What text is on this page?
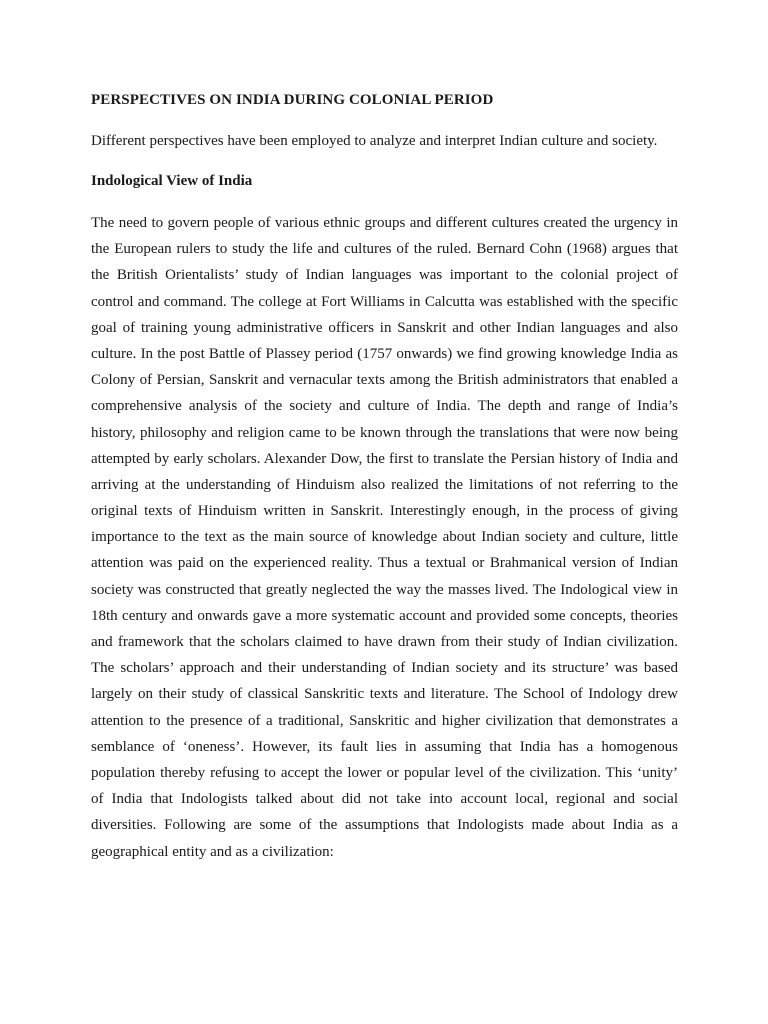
PERSPECTIVES ON INDIA DURING COLONIAL PERIOD

Different perspectives have been employed to analyze and interpret Indian culture and society.

Indological View of India
The need to govern people of various ethnic groups and different cultures created the urgency in
the European rulers to study the life and cultures of the ruled. Bernard Cohn (1968) argues that
the British Orientalists’ study of Indian languages was important to the colonial project of
control and command. The college at Fort Williams in Calcutta was established with the specific
goal of training young administrative officers in Sanskrit and other Indian languages and also
culture. In the post Battle of Plassey period (1757 onwards) we find growing knowledge India as
Colony of Persian, Sanskrit and vernacular texts among the British administrators that enabled a
comprehensive analysis of the society and culture of India. The depth and range of India’s
history, philosophy and religion came to be known through the translations that were now being
attempted by early scholars. Alexander Dow, the first to translate the Persian history of India and
arriving at the understanding of Hinduism also realized the limitations of not referring to the
original texts of Hinduism written in Sanskrit. Interestingly enough, in the process of giving
importance to the text as the main source of knowledge about Indian society and culture, little
attention was paid on the experienced reality. Thus a textual or Brahmanical version of Indian
society was constructed that greatly neglected the way the masses lived. The Indological view in
18th century and onwards gave a more systematic account and provided some concepts, theories
and framework that the scholars claimed to have drawn from their study of Indian civilization.
The scholars’ approach and their understanding of Indian society and its structure’ was based
largely on their study of classical Sanskritic texts and literature. The School of Indology drew
attention to the presence of a traditional, Sanskritic and higher civilization that demonstrates a
semblance of ‘oneness’. However, its fault lies in assuming that India has a homogenous
population thereby refusing to accept the lower or popular level of the civilization. This ‘unity’
of India that Indologists talked about did not take into account local, regional and social
diversities. Following are some of the assumptions that Indologists made about India as a
geographical entity and as a civilization:
